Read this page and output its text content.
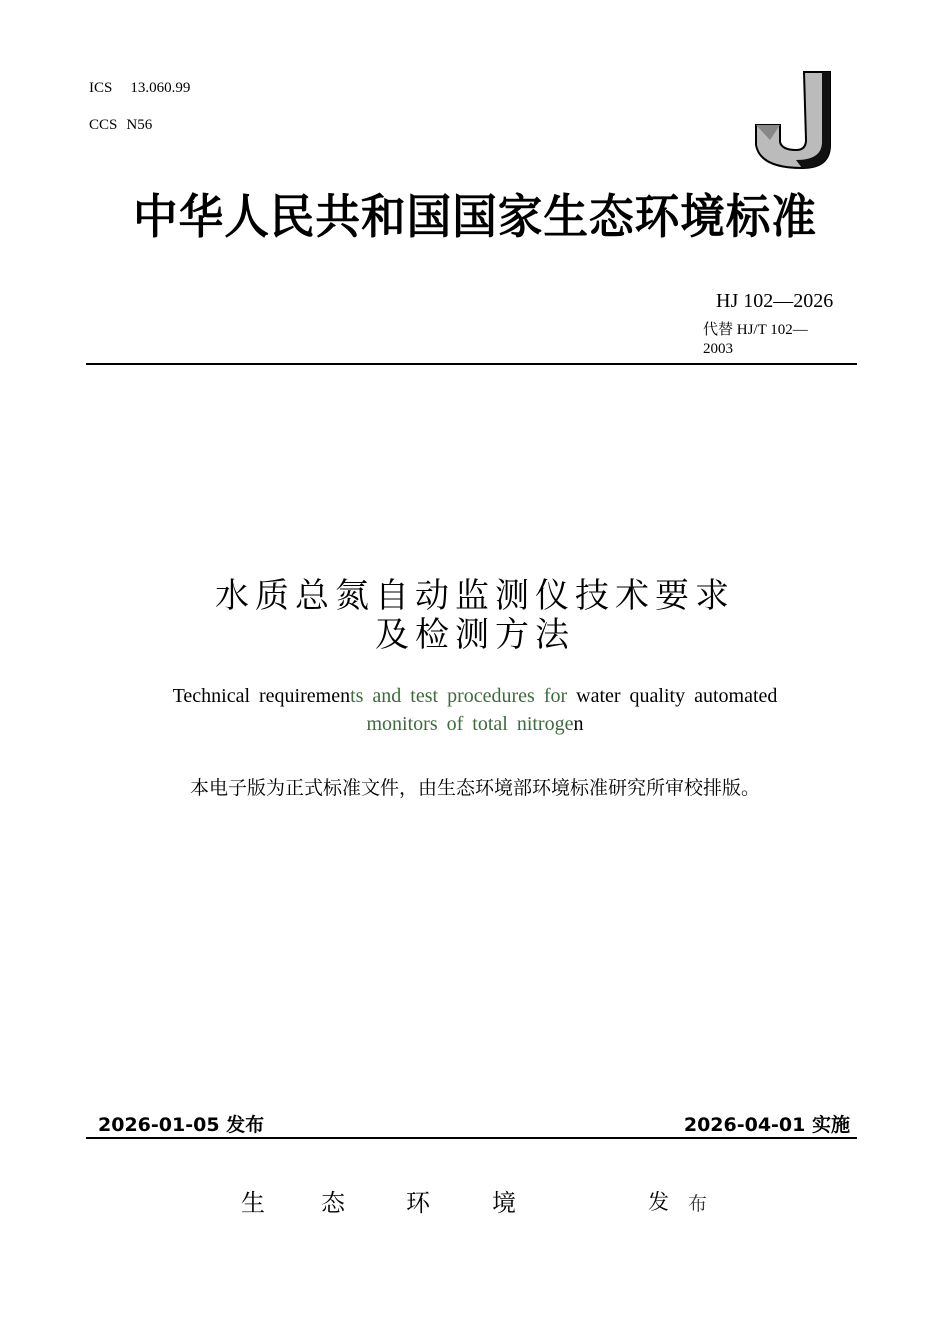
ICS 13.060.99
CCS N56
中华人民共和国国家生态环境标准
HJ 102—2026
代替 HJ/T 102—
2003
水质总氮自动监测仪技术要求
及检测方法
Technical requirements and test procedures for water quality automated
monitors of total nitrogen
本电子版为正式标准文件，由生态环境部环境标准研究所审校排版。
2026-01-05 发布	2026-04-01 实施
生 态	环	境	发 布
